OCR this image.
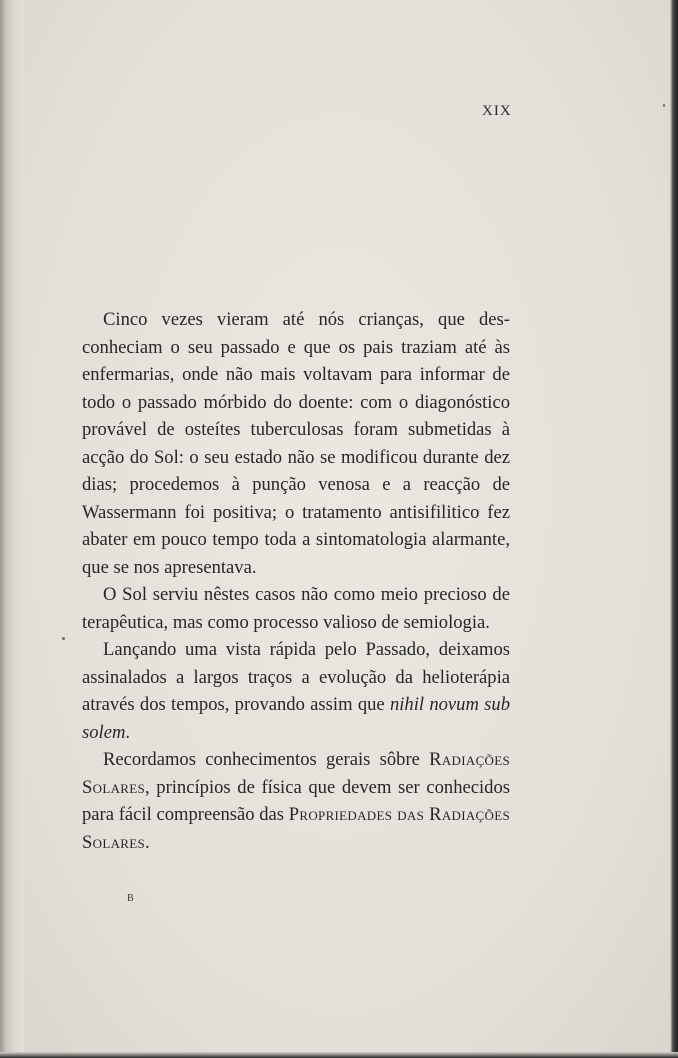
XIX

Cinco vezes vieram até nós crianças, que desconheciam o seu passado e que os pais traziam até às enfermarias, onde não mais voltavam para informar de todo o passado mórbido do doente: com o diagonóstico provável de osteítes tuberculosas foram submetidas à acção do Sol: o seu estado não se modificou durante dez dias; procedemos à punção venosa e a reacção de Wassermann foi positiva; o tratamento antisifilitico fez abater em pouco tempo toda a sintomatologia alarmante, que se nos apresentava.

O Sol serviu nêstes casos não como meio precioso de terapêutica, mas como processo valioso de semiologia.

Lançando uma vista rápida pelo Passado, deixamos assinalados a largos traços a evolução da helioterápia através dos tempos, provando assim que nihil novum sub solem.

Recordamos conhecimentos gerais sôbre Radiações Solares, princípios de física que devem ser conhecidos para fácil compreensão das Propriedades das Radiações Solares.

B
